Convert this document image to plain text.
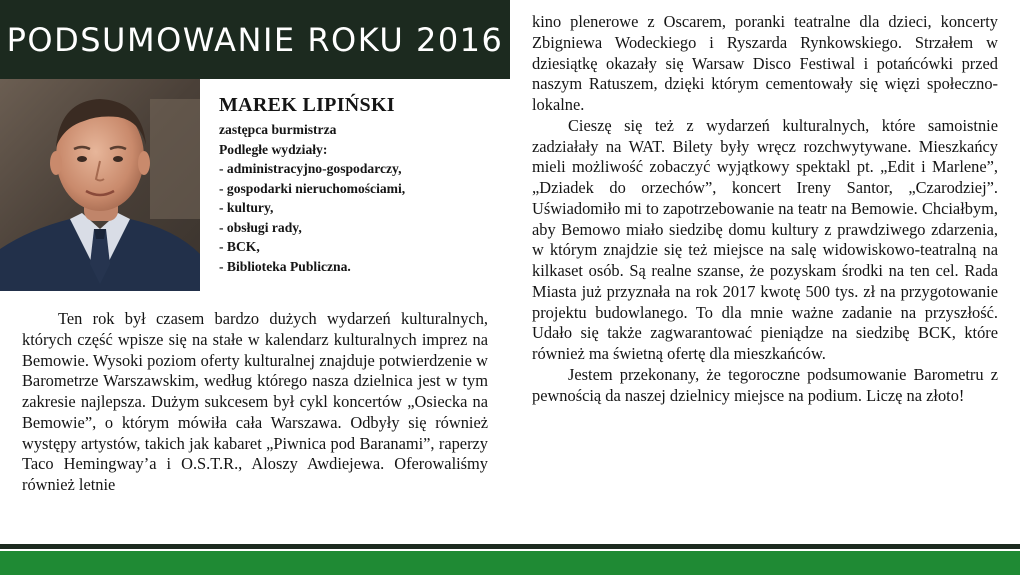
PODSUMOWANIE ROKU 2016
MAREK LIPIŃSKI
zastępca burmistrza
Podległe wydziały:
- administracyjno-gospodarczy,
- gospodarki nieruchomościami,
- kultury,
- obsługi rady,
- BCK,
- Biblioteka Publiczna.

Ten rok był czasem bardzo dużych wydarzeń kulturalnych, których część wpisze się na stałe w kalendarz kulturalnych imprez na Bemowie. Wysoki poziom oferty kulturalnej znajduje potwierdzenie w Barometrze Warszawskim, według którego nasza dzielnica jest w tym zakresie najlepsza. Dużym sukcesem był cykl koncertów „Osiecka na Bemowie”, o którym mówiła cała Warszawa. Odbyły się również występy artystów, takich jak kabaret „Piwnica pod Baranami”, raperzy Taco Hemingway’a i O.S.T.R., Aloszy Awdiejewa. Oferowaliśmy również letnie

kino plenerowe z Oscarem, poranki teatralne dla dzieci, koncerty Zbigniewa Wodeckiego i Ryszarda Rynkowskiego. Strzałem w dziesiątkę okazały się Warsaw Disco Festiwal i potańcówki przed naszym Ratuszem, dzięki którym cementowały się więzi społeczno-lokalne.

Cieszę się też z wydarzeń kulturalnych, które samoistnie zadziałały na WAT. Bilety były wręcz rozchwytywane. Mieszkańcy mieli możliwość zobaczyć wyjątkowy spektakl pt. „Edit i Marlene”, „Dziadek do orzechów”, koncert Ireny Santor, „Czarodziej”. Uświadomiło mi to zapotrzebowanie na teatr na Bemowie. Chciałbym, aby Bemowo miało siedzibę domu kultury z prawdziwego zdarzenia, w którym znajdzie się też miejsce na salę widowiskowo-teatralną na kilkaset osób. Są realne szanse, że pozyskam środki na ten cel. Rada Miasta już przyznała na rok 2017 kwotę 500 tys. zł na przygotowanie projektu budowlanego. To dla mnie ważne zadanie na przyszłość. Udało się także zagwarantować pieniądze na siedzibę BCK, które również ma świetną ofertę dla mieszkańców.

Jestem przekonany, że tegoroczne podsumowanie Barometru z pewnością da naszej dzielnicy miejsce na podium. Liczę na złoto!
